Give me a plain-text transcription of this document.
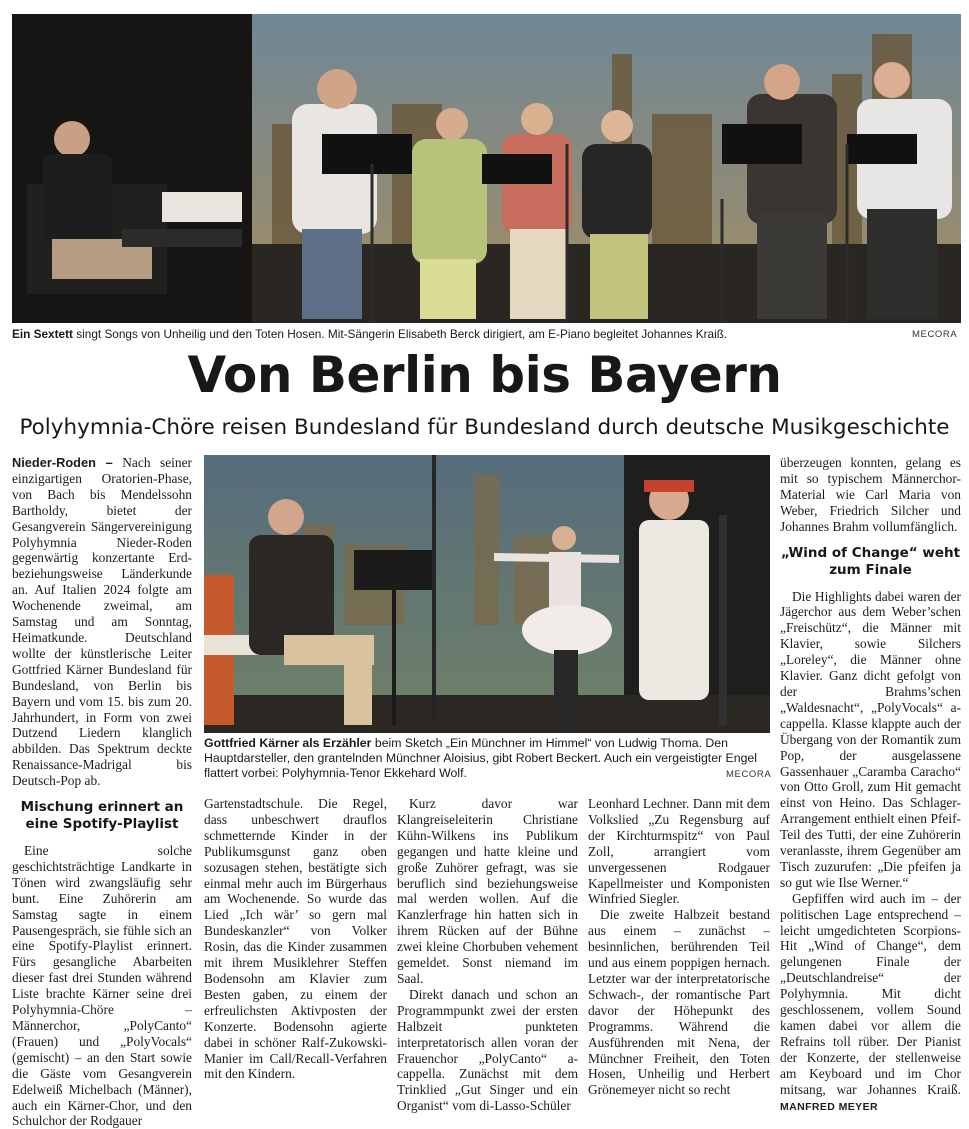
Ein Sextett singt Songs von Unheilig und den Toten Hosen. Mit-Sängerin Elisabeth Berck dirigiert, am E-Piano begleitet Johannes Kraiß.	MECORA
Von Berlin bis Bayern
Polyhymnia-Chöre reisen Bundesland für Bundesland durch deutsche Musikgeschichte
Gottfried Kärner als Erzähler beim Sketch „Ein Münchner im Himmel“ von Ludwig Thoma. Den Hauptdarsteller, den grantelnden Münchner Aloisius, gibt Robert Beckert. Auch ein vergeistigter Engel flattert vorbei: Polyhymnia-Tenor Ekkehard Wolf.	MECORA

Nieder-Roden – Nach seiner einzigartigen Oratorien-Phase, von Bach bis Mendelssohn Bartholdy, bietet der Gesangverein Sängervereinigung Polyhymnia Nieder-Roden gegenwärtig konzertante Erd- beziehungsweise Länderkunde an. Auf Italien 2024 folgte am Wochenende zweimal, am Samstag und am Sonntag, Heimatkunde. Deutschland wollte der künstlerische Leiter Gottfried Kärner Bundesland für Bundesland, von Berlin bis Bayern und vom 15. bis zum 20. Jahrhundert, in Form von zwei Dutzend Liedern klanglich abbilden. Das Spektrum deckte Renaissance-Madrigal bis Deutsch-Pop ab.

Mischung erinnert an eine Spotify-Playlist

Eine solche geschichtsträchtige Landkarte in Tönen wird zwangsläufig sehr bunt. Eine Zuhörerin am Samstag sagte in einem Pausengespräch, sie fühle sich an eine Spotify-Playlist erinnert. Fürs gesangliche Abarbeiten dieser fast drei Stunden während Liste brachte Kärner seine drei Polyhymnia-Chöre – Männerchor, „PolyCanto“ (Frauen) und „PolyVocals“ (gemischt) – an den Start sowie die Gäste vom Gesangverein Edelweiß Michelbach (Männer), auch ein Kärner-Chor, und den Schulchor der Rodgauer

Gartenstadtschule. Die Regel, dass unbeschwert drauflos schmetternde Kinder in der Publikumsgunst ganz oben sozusagen stehen, bestätigte sich einmal mehr auch im Bürgerhaus am Wochenende. So wurde das Lied „Ich wär’ so gern mal Bundeskanzler“ von Volker Rosin, das die Kinder zusammen mit ihrem Musiklehrer Steffen Bodensohn am Klavier zum Besten gaben, zu einem der erfreulichsten Aktivposten der Konzerte. Bodensohn agierte dabei in schöner Ralf-Zukowski-Manier im Call/Recall-Verfahren mit den Kindern.

Kurz davor war Klangreiseleiterin Christiane Kühn-Wilkens ins Publikum gegangen und hatte kleine und große Zuhörer gefragt, was sie beruflich sind beziehungsweise mal werden wollen. Auf die Kanzlerfrage hin hatten sich in ihrem Rücken auf der Bühne zwei kleine Chorbuben vehement gemeldet. Sonst niemand im Saal.

Direkt danach und schon an Programmpunkt zwei der ersten Halbzeit punkteten interpretatorisch allen voran der Frauenchor „PolyCanto“ a-cappella. Zunächst mit dem Trinklied „Gut Singer und ein Organist“ vom di-Lasso-Schüler

Leonhard Lechner. Dann mit dem Volkslied „Zu Regensburg auf der Kirchturmspitz“ von Paul Zoll, arrangiert vom unvergessenen Rodgauer Kapellmeister und Komponisten Winfried Siegler.

Die zweite Halbzeit bestand aus einem – zunächst – besinnlichen, berührenden Teil und aus einem poppigen hernach. Letzter war der interpretatorische Schwach-, der romantische Part davor der Höhepunkt des Programms. Während die Ausführenden mit Nena, der Münchner Freiheit, den Toten Hosen, Unheilig und Herbert Grönemeyer nicht so recht

überzeugen konnten, gelang es mit so typischem Männerchor-Material wie Carl Maria von Weber, Friedrich Silcher und Johannes Brahm vollumfänglich.

„Wind of Change“ weht zum Finale

Die Highlights dabei waren der Jägerchor aus dem Weber’schen „Freischütz“, die Männer mit Klavier, sowie Silchers „Loreley“, die Männer ohne Klavier. Ganz dicht gefolgt von der Brahms’schen „Waldesnacht“, „PolyVocals“ a-cappella. Klasse klappte auch der Übergang von der Romantik zum Pop, der ausgelassene Gassenhauer „Caramba Caracho“ von Otto Groll, zum Hit gemacht einst von Heino. Das Schlager-Arrangement enthielt einen Pfeif-Teil des Tutti, der eine Zuhörerin veranlasste, ihrem Gegenüber am Tisch zuzurufen: „Die pfeifen ja so gut wie Ilse Werner.“

Gepfiffen wird auch im – der politischen Lage entsprechend – leicht umgedichteten Scorpions-Hit „Wind of Change“, dem gelungenen Finale der „Deutschlandreise“ der Polyhymnia. Mit dicht geschlossenem, vollem Sound kamen dabei vor allem die Refrains toll rüber. Der Pianist der Konzerte, der stellenweise am Keyboard und im Chor mitsang, war Johannes Kraiß. MANFRED MEYER
